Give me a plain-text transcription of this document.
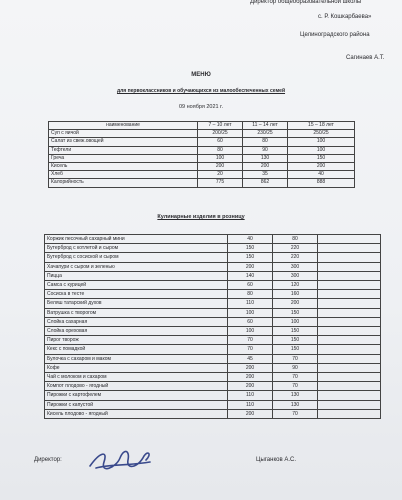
Директор общеобразовательной школы
с. Р. Кошкарбаева»
Целиноградского района
Сагинаев А.Т.
МЕНЮ
для первоклассников и обучающихся из малообеспеченных семей
09 ноября 2021 г.
наименование	7 – 10 лет	11 – 14 лет	15 – 18 лет
Суп с яичой	200/25	230/25	250/25
Салат из свеж.овощей	60	80	100
Тефтели	80	90	100
Греча	100	130	150
Кисель	200	200	200
Хлеб	20	35	40
Калорийность	775	862	888
Кулинарные изделия в розницу
Коржик песочный сахарный мини	40	80	
Бутерброд с котлетой и сыром	150	220	
Бутерброд с сосиской и сыром	150	220	
Хачапури с сыром и зеленью	200	300	
Пицца	140	300	
Самса с курицей	60	120	
Сосиска в тесте	80	160	
Беляш татарский духов	110	200	
Ватрушка с творогом	100	150	
Слойка сахарная	60	100	
Слойка ореховая	100	150	
Пирог творож	70	150	
Кекс с помадкой	70	150	
Булочка с сахаром и маком	45	70	
Кофе	200	90	
Чай с молоком и сахаром	200	70	
Компот плодово - ягодный	200	70	
Пирожки с картофелем	110	130	
Пирожки с капустой	110	130	
Кисель плодово - ягодный	200	70	
Директор:	Цыганков А.С.
